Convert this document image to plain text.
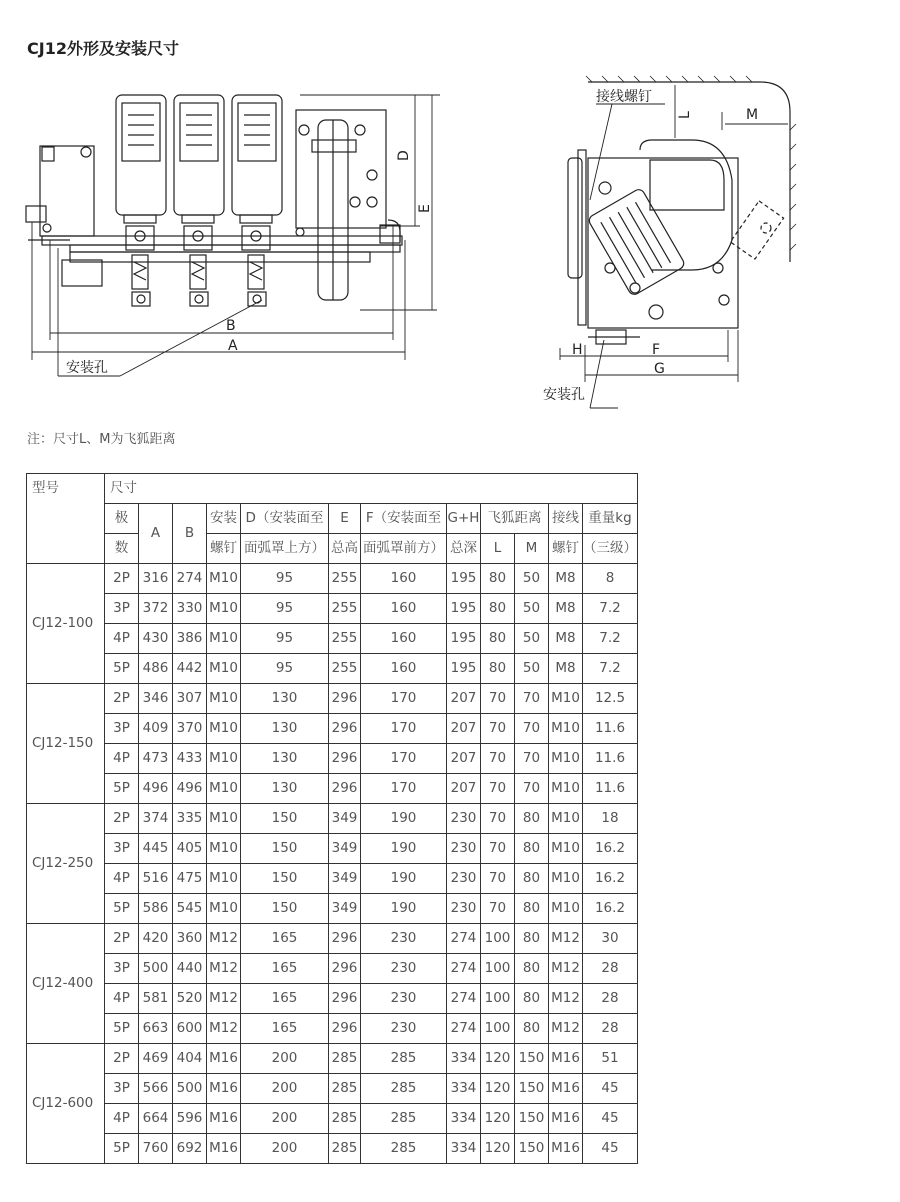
CJ12外形及安装尺寸
B
A
D
E
安装孔
接线螺钉
L	M
H	F
G
安装孔
注：尺寸L、M为飞狐距离
型号	尺寸											
	极	A	B	安装	D（安装面至	E	F（安装面至	G+H	飞狐距离		接线	重量kg
	数			螺钉	面弧罩上方）	总高	面弧罩前方）	总深	L	M	螺钉	（三级）
CJ12-100	2P	316	274	M10	95	255	160	195	80	50	M8	8
	3P	372	330	M10	95	255	160	195	80	50	M8	7.2
	4P	430	386	M10	95	255	160	195	80	50	M8	7.2
	5P	486	442	M10	95	255	160	195	80	50	M8	7.2
CJ12-150	2P	346	307	M10	130	296	170	207	70	70	M10	12.5
	3P	409	370	M10	130	296	170	207	70	70	M10	11.6
	4P	473	433	M10	130	296	170	207	70	70	M10	11.6
	5P	496	496	M10	130	296	170	207	70	70	M10	11.6
CJ12-250	2P	374	335	M10	150	349	190	230	70	80	M10	18
	3P	445	405	M10	150	349	190	230	70	80	M10	16.2
	4P	516	475	M10	150	349	190	230	70	80	M10	16.2
	5P	586	545	M10	150	349	190	230	70	80	M10	16.2
CJ12-400	2P	420	360	M12	165	296	230	274	100	80	M12	30
	3P	500	440	M12	165	296	230	274	100	80	M12	28
	4P	581	520	M12	165	296	230	274	100	80	M12	28
	5P	663	600	M12	165	296	230	274	100	80	M12	28
CJ12-600	2P	469	404	M16	200	285	285	334	120	150	M16	51
	3P	566	500	M16	200	285	285	334	120	150	M16	45
	4P	664	596	M16	200	285	285	334	120	150	M16	45
	5P	760	692	M16	200	285	285	334	120	150	M16	45
